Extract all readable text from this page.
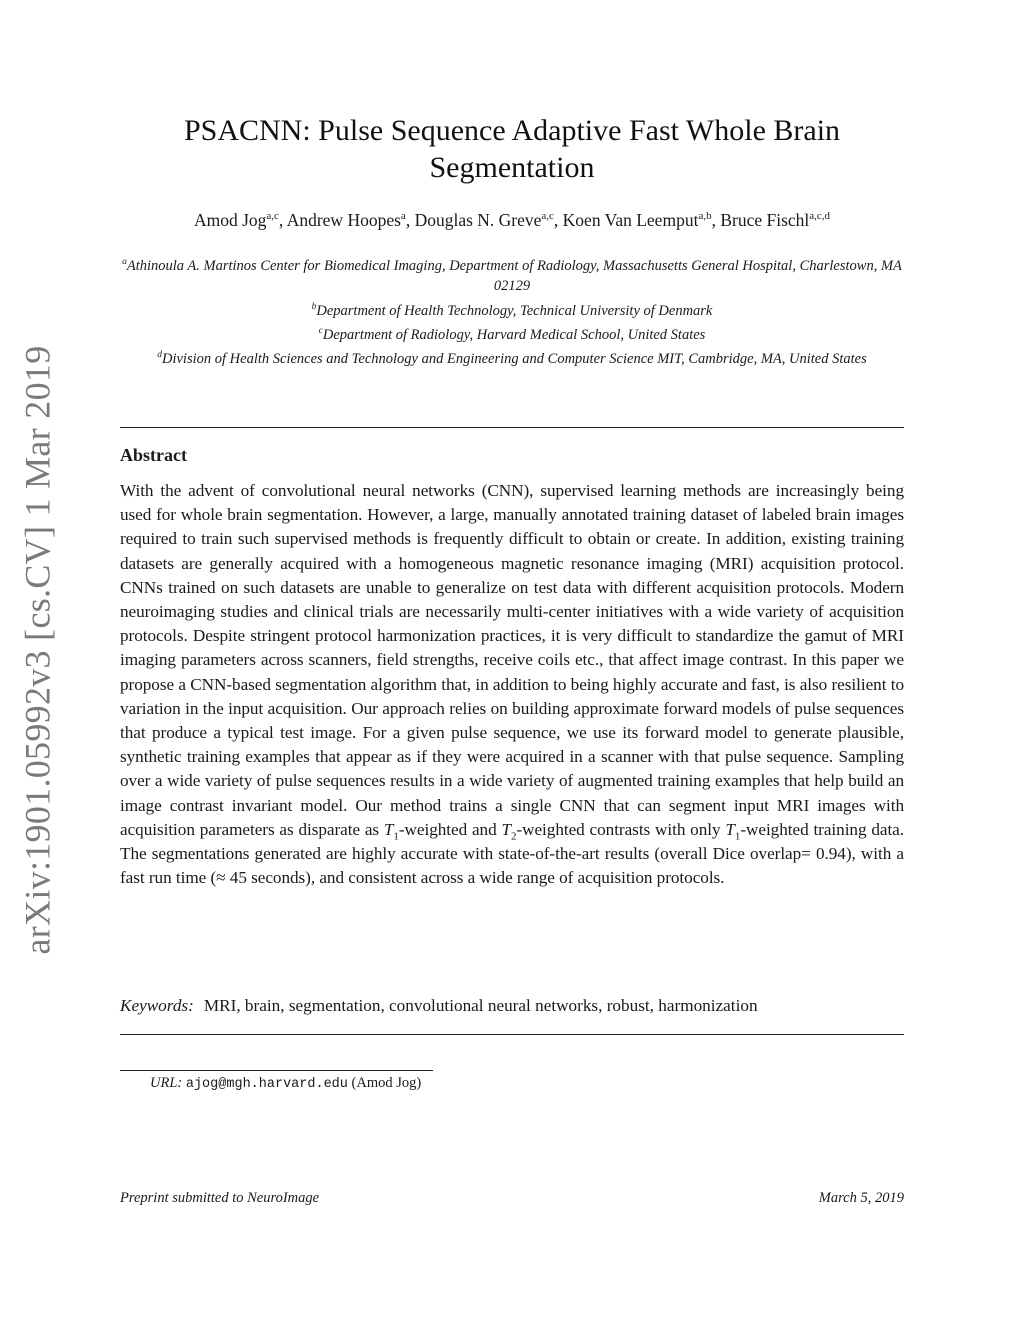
arXiv:1901.05992v3 [cs.CV] 1 Mar 2019
PSACNN: Pulse Sequence Adaptive Fast Whole Brain Segmentation
Amod Jog$^{a,c}$, Andrew Hoopes$^a$, Douglas N. Greve$^{a,c}$, Koen Van Leemput$^{a,b}$, Bruce Fischl$^{a,c,d}$
$^a$Athinoula A. Martinos Center for Biomedical Imaging, Department of Radiology, Massachusetts General Hospital, Charlestown, MA 02129
$^b$Department of Health Technology, Technical University of Denmark
$^c$Department of Radiology, Harvard Medical School, United States
$^d$Division of Health Sciences and Technology and Engineering and Computer Science MIT, Cambridge, MA, United States
Abstract
With the advent of convolutional neural networks (CNN), supervised learning methods are increasingly being used for whole brain segmentation. However, a large, manually annotated training dataset of labeled brain images required to train such supervised methods is frequently difficult to obtain or create. In addition, existing training datasets are generally acquired with a homogeneous magnetic resonance imaging (MRI) acquisition protocol. CNNs trained on such datasets are unable to generalize on test data with different acquisition protocols. Modern neuroimaging studies and clinical trials are necessarily multi-center initiatives with a wide variety of acquisition protocols. Despite stringent protocol harmonization practices, it is very difficult to standardize the gamut of MRI imaging parameters across scanners, field strengths, receive coils etc., that affect image contrast. In this paper we propose a CNN-based segmentation algorithm that, in addition to being highly accurate and fast, is also resilient to variation in the input acquisition. Our approach relies on building approximate forward models of pulse sequences that produce a typical test image. For a given pulse sequence, we use its forward model to generate plausible, synthetic training examples that appear as if they were acquired in a scanner with that pulse sequence. Sampling over a wide variety of pulse sequences results in a wide variety of augmented training examples that help build an image contrast invariant model. Our method trains a single CNN that can segment input MRI images with acquisition parameters as disparate as $T_1$-weighted and $T_2$-weighted contrasts with only $T_1$-weighted training data. The segmentations generated are highly accurate with state-of-the-art results (overall Dice overlap= 0.94), with a fast run time (≈ 45 seconds), and consistent across a wide range of acquisition protocols.
Keywords: MRI, brain, segmentation, convolutional neural networks, robust, harmonization
URL: ajog@mgh.harvard.edu (Amod Jog)
Preprint submitted to NeuroImage	March 5, 2019
